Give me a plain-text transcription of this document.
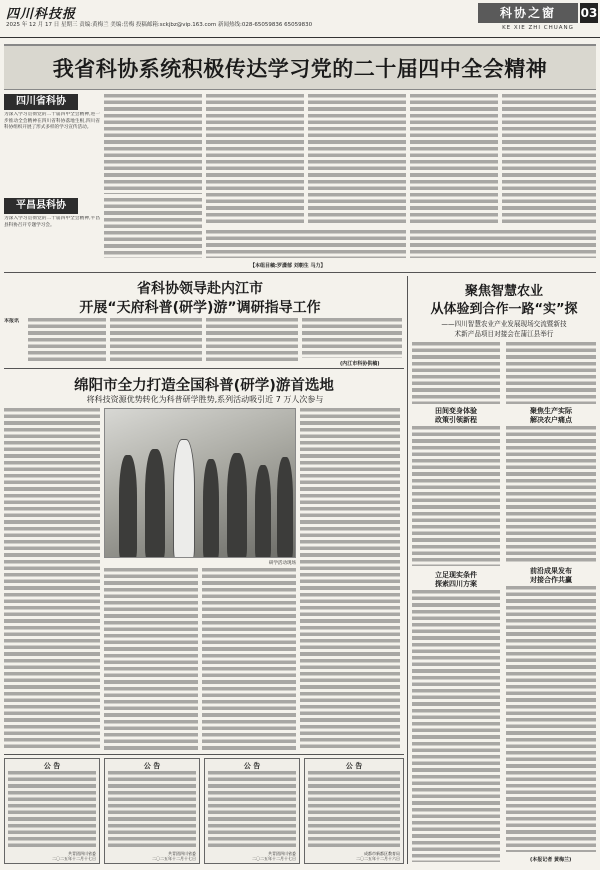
四川科技报
2025 年 12 月 17 日 星期三 责编:黄梅兰 美编:岳梅 投稿邮箱:sckjbz@vip.163.com 新闻热线:028-65059836 65059830
科协之窗	03
KE XIE ZHI CHUANG
我省科协系统积极传达学习党的二十届四中全会精神
四川省科协
为深入学习贯彻党的二十届四中全会精神,进一步推动全会精神在四川省科协落地生根,四川省科协组织开展了形式多样的学习宣传活动。
平昌县科协
为深入学习贯彻党的二十届四中全会精神,平昌县科协召开专题学习会。
【本组目稿:罗潇郁 刘朝生 马力】
省科协领导赴内江市
开展“天府科普(研学)游”调研指导工作
本报讯
(内江市科协供稿)
绵阳市全力打造全国科普(研学)游首选地
将科技资源优势转化为科普研学胜势,系列活动吸引近 7 万人次参与
研学活动现场
公 告
共青团四川省委
二〇二五年十二月十七日
公 告
共青团四川省委
二〇二五年十二月十七日
公 告
共青团四川省委
二〇二五年十二月十七日
公 告
成都市新都区教育局
二〇二五年十二月十六日
聚焦智慧农业
从体验到合作一路“实”探
——四川智慧农业产业发展现场交流暨新技
术新产品项目对接会在蒲江县举行
田间变身体验
政策引领新程
聚焦生产实际
解决农户痛点
立足现实条件
探索四川方案
前沿成果发布
对接合作共赢
(本报记者 黄梅兰)
